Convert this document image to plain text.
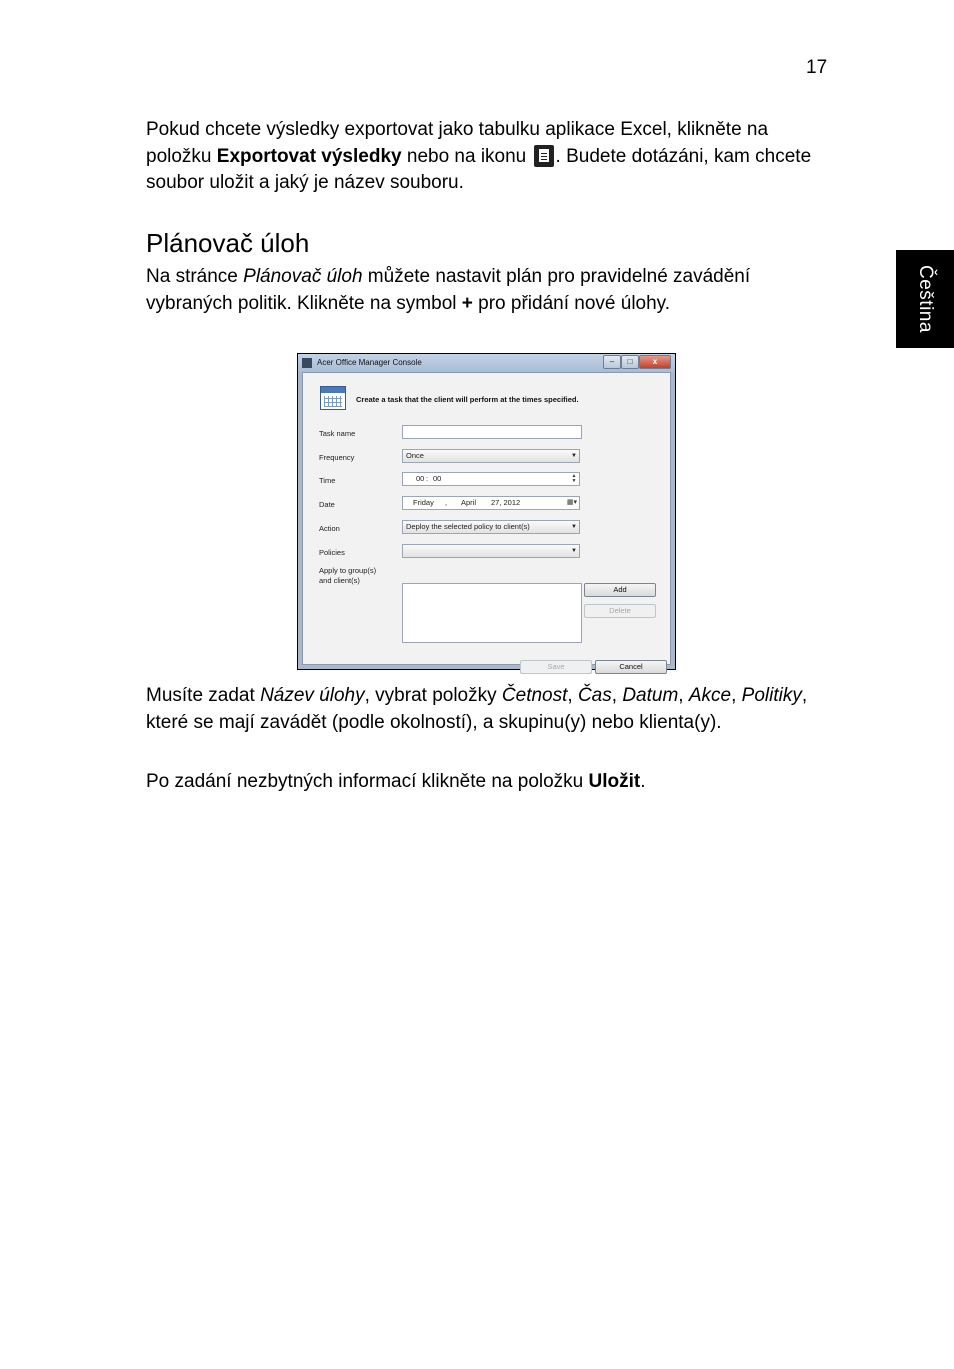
17
Čeština

Pokud chcete výsledky exportovat jako tabulku aplikace Excel, klikněte na položku Exportovat výsledky nebo na ikonu . Budete dotázáni, kam chcete soubor uložit a jaký je název souboru.

Plánovač úloh

Na stránce Plánovač úloh můžete nastavit plán pro pravidelné zavádění vybraných politik. Klikněte na symbol + pro přidání nové úlohy.

Acer Office Manager Console	–	□	x
Create a task that the client will perform at the times specified.
Task name
Frequency	Once	▼
Time	00 : 00	▲
▼
Date	Friday , April 27, 2012	▦▾
Action	Deploy the selected policy to client(s)	▼
Policies	▼
Apply to group(s) and client(s)
Add
Delete
Save	Cancel

Musíte zadat Název úlohy, vybrat položky Četnost, Čas, Datum, Akce, Politiky, které se mají zavádět (podle okolností), a skupinu(y) nebo klienta(y).

Po zadání nezbytných informací klikněte na položku Uložit.
